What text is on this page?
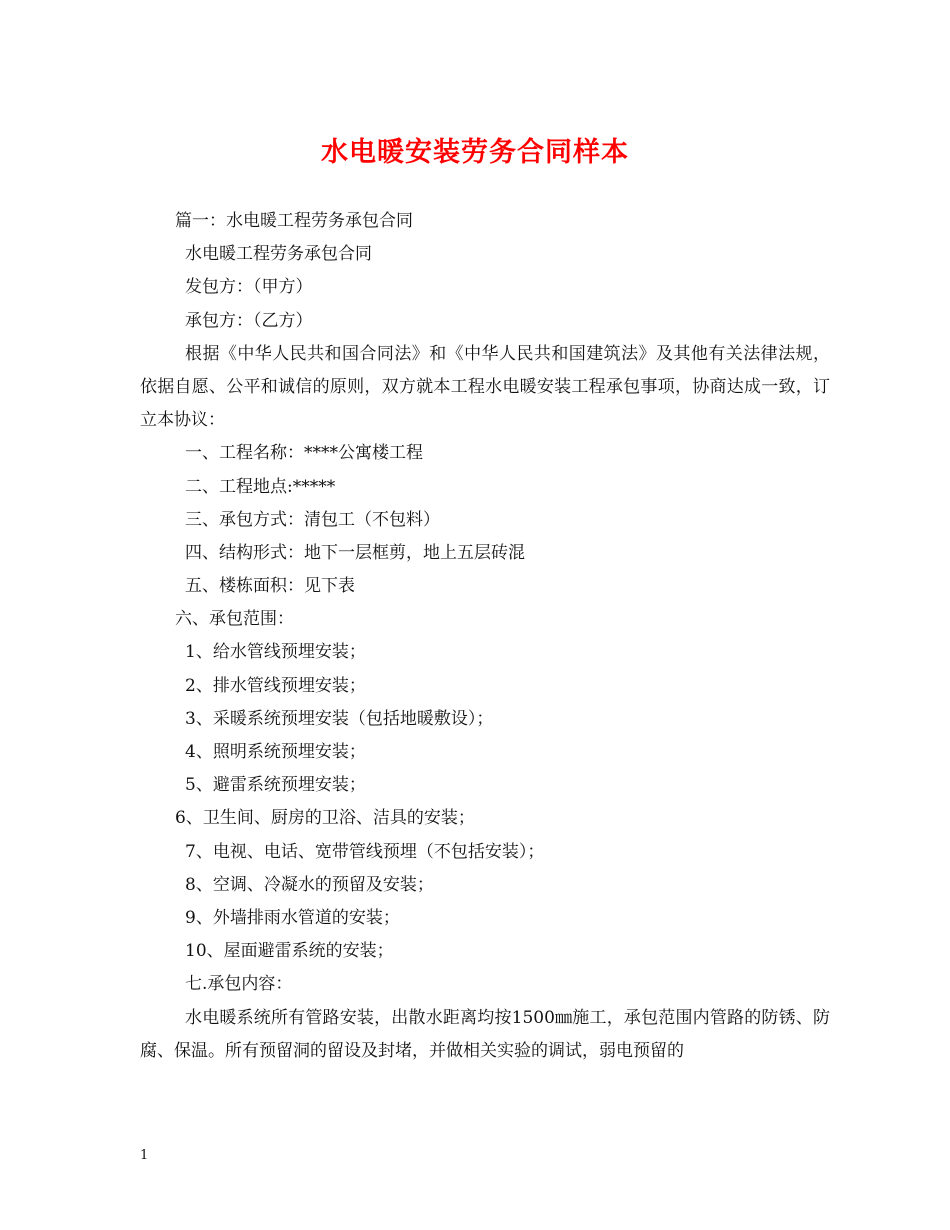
水电暖安装劳务合同样本
篇一：水电暖工程劳务承包合同
水电暖工程劳务承包合同
发包方：（甲方）
承包方：（乙方）
根据《中华人民共和国合同法》和《中华人民共和国建筑法》及其他有关法律法规，依据自愿、公平和诚信的原则，双方就本工程水电暖安装工程承包事项，协商达成一致，订立本协议：
一、工程名称：****公寓楼工程
二、工程地点:*****
三、承包方式：清包工（不包料）
四、结构形式：地下一层框剪，地上五层砖混
五、楼栋面积：见下表
六、承包范围：
1、给水管线预埋安装；
2、排水管线预埋安装；
3、采暖系统预埋安装（包括地暖敷设）；
4、照明系统预埋安装；
5、避雷系统预埋安装；
6、卫生间、厨房的卫浴、洁具的安装；
7、电视、电话、宽带管线预埋（不包括安装）；
8、空调、冷凝水的预留及安装；
9、外墙排雨水管道的安装；
10、屋面避雷系统的安装；
七.承包内容：
水电暖系统所有管路安装，出散水距离均按1500㎜施工，承包范围内管路的防锈、防腐、保温。所有预留洞的留设及封堵，并做相关实验的调试，弱电预留的
1
